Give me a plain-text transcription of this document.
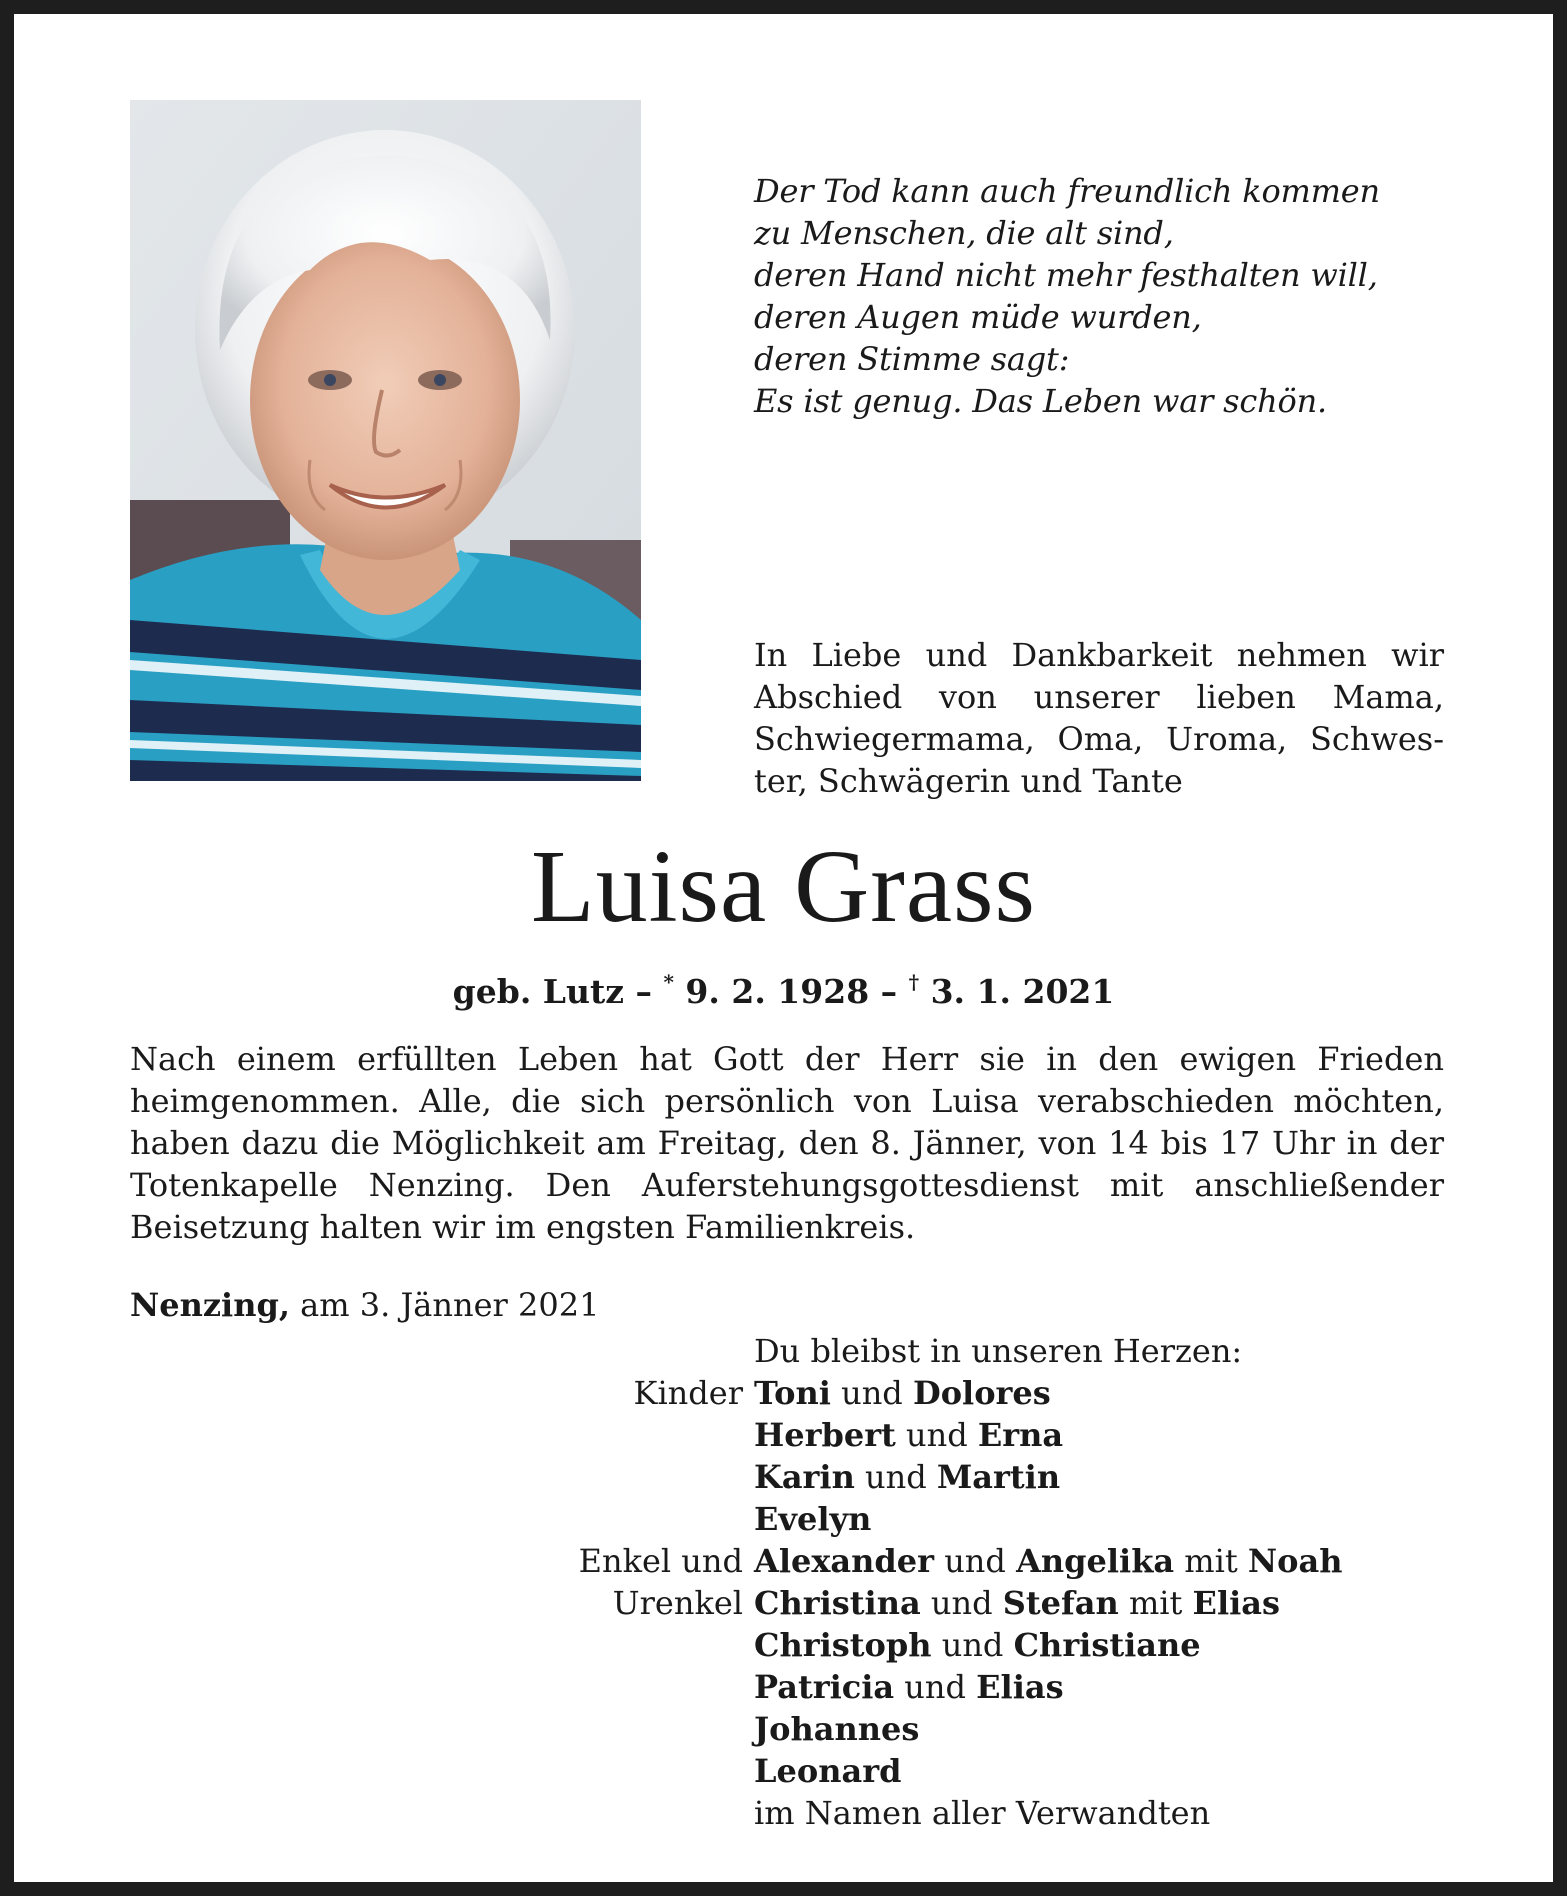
Der Tod kann auch freundlich kommen
zu Menschen, die alt sind,
deren Hand nicht mehr festhalten will,
deren Augen müde wurden,
deren Stimme sagt:
Es ist genug. Das Leben war schön.
In Liebe und Dankbarkeit nehmen wir
Abschied von unserer lieben Mama,
Schwiegermama, Oma, Uroma, Schwes-
ter, Schwägerin und Tante
Luisa Grass
geb. Lutz – * 9. 2. 1928 – † 3. 1. 2021
Nach einem erfüllten Leben hat Gott der Herr sie in den ewigen Frieden
heimgenommen. Alle, die sich persönlich von Luisa verabschieden möchten,
haben dazu die Möglichkeit am Freitag, den 8. Jänner, von 14 bis 17 Uhr in der
Totenkapelle Nenzing. Den Auferstehungsgottesdienst mit anschließender
Beisetzung halten wir im engsten Familienkreis.
Nenzing, am 3. Jänner 2021
Du bleibst in unseren Herzen:
Kinder Toni und Dolores
Herbert und Erna
Karin und Martin
Evelyn
Enkel und Alexander und Angelika mit Noah
Urenkel Christina und Stefan mit Elias
Christoph und Christiane
Patricia und Elias
Johannes
Leonard
im Namen aller Verwandten
